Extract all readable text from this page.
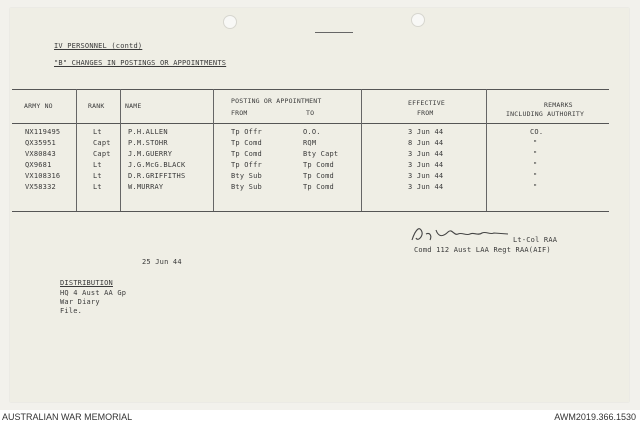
IV PERSONNEL (contd)
"B" CHANGES IN POSTINGS OR APPOINTMENTS
ARMY NO	RANK	NAME
POSTING OR APPOINTMENT
FROM	TO
EFFECTIVE
FROM
REMARKS
INCLUDING AUTHORITY
NX119495	Lt	P.H.ALLEN	Tp Offr	O.O.	3 Jun 44	CO.
QX35951	Capt P.M.STOHR	Tp Comd	RQM	8 Jun 44	"
VX80843	Capt J.M.GUERRY	Tp Comd	Bty Capt	3 Jun 44	"
QX9681	Lt	J.G.McG.BLACK	Tp Offr	Tp Comd	3 Jun 44	"
VX108316	Lt	D.R.GRIFFITHS	Bty Sub	Tp Comd	3 Jun 44	"
VX58332	Lt	W.MURRAY	Bty Sub	Tp Comd	3 Jun 44	"
Lt-Col RAA
Comd 112 Aust LAA Regt RAA(AIF)
25 Jun 44
DISTRIBUTION
HQ 4 Aust AA Gp
War Diary
File.
AUSTRALIAN WAR MEMORIAL	AWM2019.366.1530
